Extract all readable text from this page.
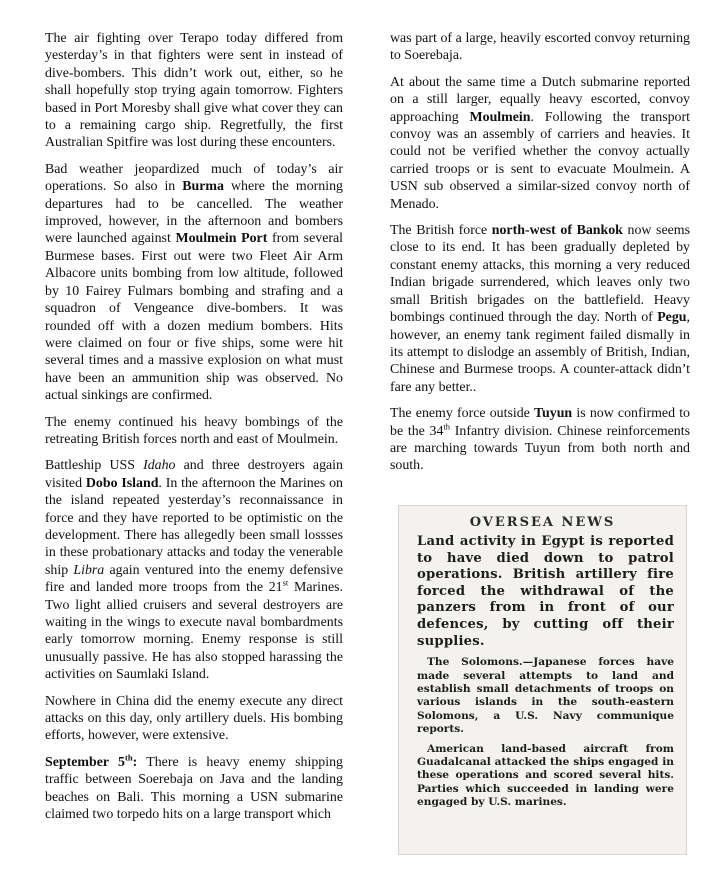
The air fighting over Terapo today differed from yesterday’s in that fighters were sent in instead of dive-bombers. This didn’t work out, either, so he shall hopefully stop trying again tomorrow. Fighters based in Port Moresby shall give what cover they can to a remaining cargo ship. Regretfully, the first Australian Spitfire was lost during these encounters.

Bad weather jeopardized much of today’s air operations. So also in Burma where the morning departures had to be cancelled. The weather improved, however, in the afternoon and bombers were launched against Moulmein Port from several Burmese bases. First out were two Fleet Air Arm Albacore units bombing from low altitude, followed by 10 Fairey Fulmars bombing and strafing and a squadron of Vengeance dive-bombers. It was rounded off with a dozen medium bombers. Hits were claimed on four or five ships, some were hit several times and a massive explosion on what must have been an ammunition ship was observed. No actual sinkings are confirmed.

The enemy continued his heavy bombings of the retreating British forces north and east of Moulmein.

Battleship USS Idaho and three destroyers again visited Dobo Island. In the afternoon the Marines on the island repeated yesterday’s reconnaissance in force and they have reported to be optimistic on the development. There has allegedly been small lossses in these probationary attacks and today the venerable ship Libra again ventured into the enemy defensive fire and landed more troops from the 21st Marines. Two light allied cruisers and several destroyers are waiting in the wings to execute naval bombardments early tomorrow morning. Enemy response is still unusually passive. He has also stopped harassing the activities on Saumlaki Island.

Nowhere in China did the enemy execute any direct attacks on this day, only artillery duels. His bombing efforts, however, were extensive.

September 5th: There is heavy enemy shipping traffic between Soerebaja on Java and the landing beaches on Bali. This morning a USN submarine claimed two torpedo hits on a large transport which

was part of a large, heavily escorted convoy returning to Soerebaja.

At about the same time a Dutch submarine reported on a still larger, equally heavy escorted, convoy approaching Moulmein. Following the transport convoy was an assembly of carriers and heavies. It could not be verified whether the convoy actually carried troops or is sent to evacuate Moulmein. A USN sub observed a similar-sized convoy north of Menado.

The British force north-west of Bankok now seems close to its end. It has been gradually depleted by constant enemy attacks, this morning a very reduced Indian brigade surrendered, which leaves only two small British brigades on the battlefield. Heavy bombings continued through the day. North of Pegu, however, an enemy tank regiment failed dismally in its attempt to dislodge an assembly of British, Indian, Chinese and Burmese troops. A counter-attack didn’t fare any better..

The enemy force outside Tuyun is now confirmed to be the 34th Infantry division. Chinese reinforcements are marching towards Tuyun from both north and south.

OVERSEA NEWS
Land activity in Egypt is reported to have died down to patrol operations. British artillery fire forced the withdrawal of the panzers from in front of our defences, by cutting off their supplies.
The Solomons.—Japanese forces have made several attempts to land and establish small detachments of troops on various islands in the south-eastern Solomons, a U.S. Navy communique reports.
American land-based aircraft from Guadalcanal attacked the ships engaged in these operations and scored several hits. Parties which succeeded in landing were engaged by U.S. marines.
